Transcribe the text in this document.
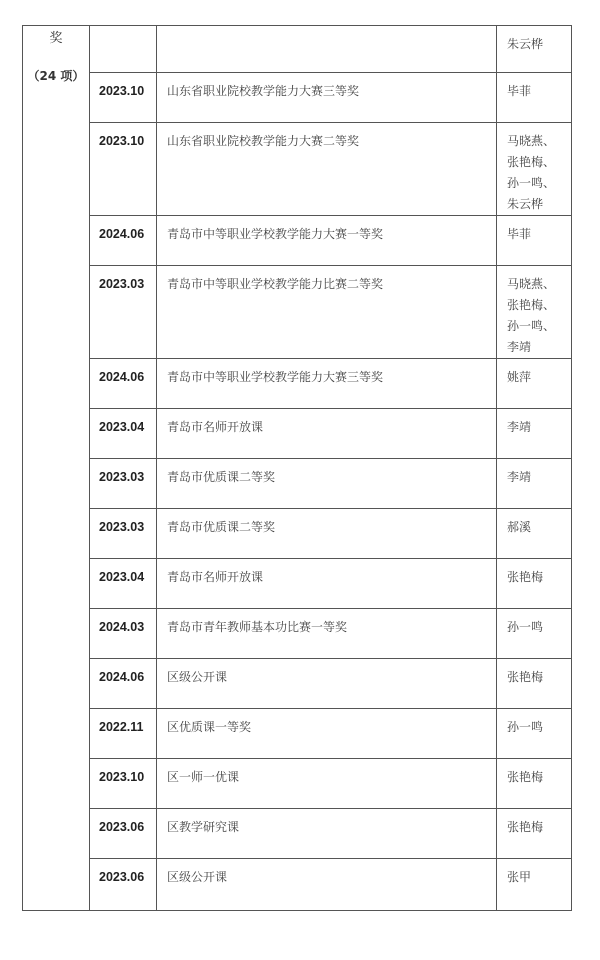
奖
（24 项）			朱云桦

	2023.10	山东省职业院校教学能力大赛三等奖	毕菲

	2023.10	山东省职业院校教学能力大赛二等奖	马晓燕、
张艳梅、
孙一鸣、
朱云桦

	2024.06	青岛市中等职业学校教学能力大赛一等奖	毕菲

	2023.03	青岛市中等职业学校教学能力比赛二等奖	马晓燕、
张艳梅、
孙一鸣、
李靖

	2024.06	青岛市中等职业学校教学能力大赛三等奖	姚萍

	2023.04	青岛市名师开放课	李靖

	2023.03	青岛市优质课二等奖	李靖

	2023.03	青岛市优质课二等奖	郝溪

	2023.04	青岛市名师开放课	张艳梅

	2024.03	青岛市青年教师基本功比赛一等奖	孙一鸣

	2024.06	区级公开课	张艳梅

	2022.11	区优质课一等奖	孙一鸣

	2023.10	区一师一优课	张艳梅

	2023.06	区教学研究课	张艳梅

	2023.06	区级公开课	张甲
